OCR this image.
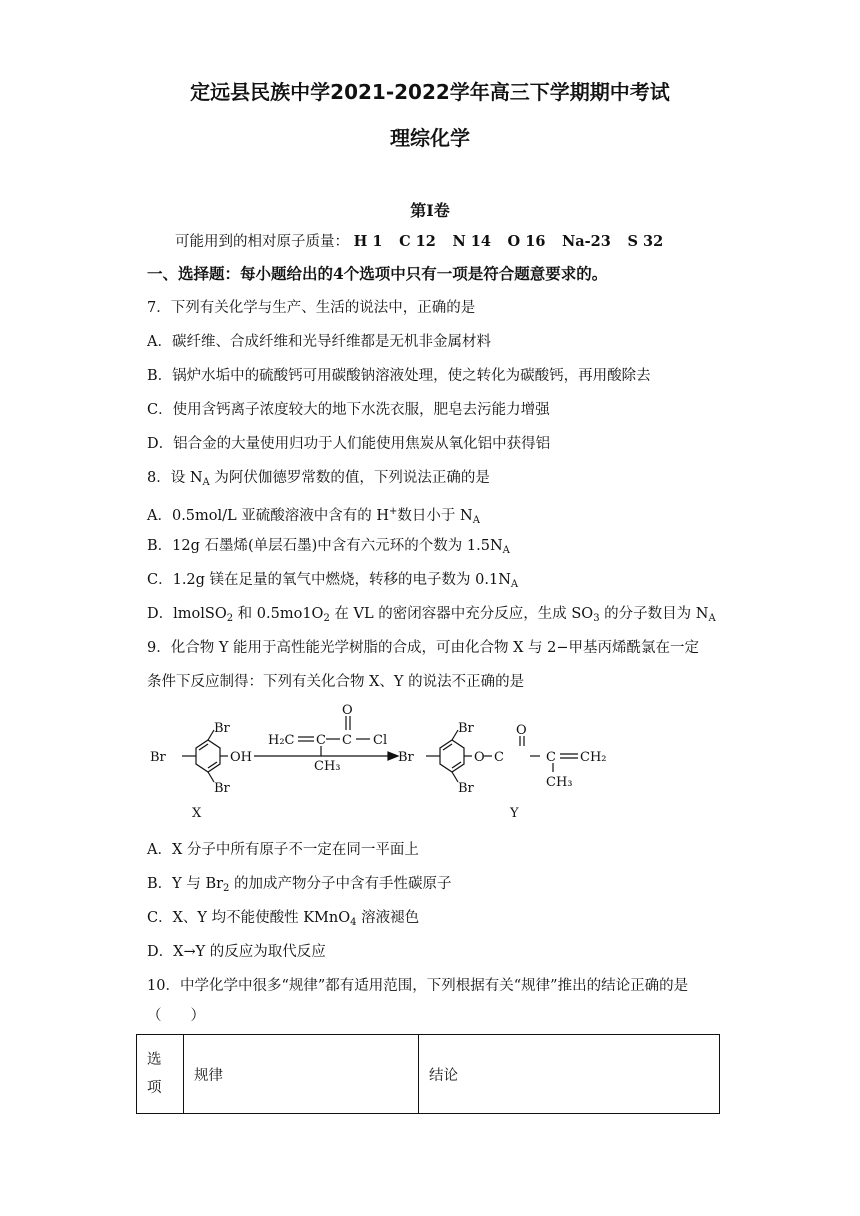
定远县民族中学2021-2022学年高三下学期期中考试
理综化学
第I卷
可能用到的相对原子质量： H 1 C 12 N 14 O 16 Na-23 S 32
一、选择题：每小题给出的4个选项中只有一项是符合题意要求的。
7．下列有关化学与生产、生活的说法中，正确的是
A．碳纤维、合成纤维和光导纤维都是无机非金属材料
B．锅炉水垢中的硫酸钙可用碳酸钠溶液处理，使之转化为碳酸钙，再用酸除去
C．使用含钙离子浓度较大的地下水洗衣服，肥皂去污能力增强
D．铝合金的大量使用归功于人们能使用焦炭从氧化铝中获得铝
8．设 $N_A$ 为阿伏伽德罗常数的值，下列说法正确的是
A．0.5mol/L 亚硫酸溶液中含有的 H+数日小于 $N_A$
B．12g 石墨烯(单层石墨)中含有六元环的个数为 $1.5N_A$
C．1.2g 镁在足量的氧气中燃烧，转移的电子数为 $0.1N_A$
D．lmolSO$_2$ 和 $0.5mo1O_2$ 在 VL 的密闭容器中充分反应，生成 $SO_3$ 的分子数目为 $N_A$
9．化合物 Y 能用于高性能光学树脂的合成，可由化合物 X 与 2−甲基丙烯酰氯在一定
条件下反应制得：下列有关化合物 X、Y 的说法不正确的是
Br
Br
Br
OH
X
H₂C C C
O
Cl
CH₃
Br
Br
Br
O
O
C	C CH₂
CH₃
Y
A．X 分子中所有原子不一定在同一平面上
B．Y 与 $Br_2$ 的加成产物分子中含有手性碳原子
C．X、Y 均不能使酸性 KMnO$_4$ 溶液褪色
D．X→Y 的反应为取代反应
10．中学化学中很多“规律”都有适用范围，下列根据有关“规律”推出的结论正确的是
（　　）
选
项
	规律	结论
